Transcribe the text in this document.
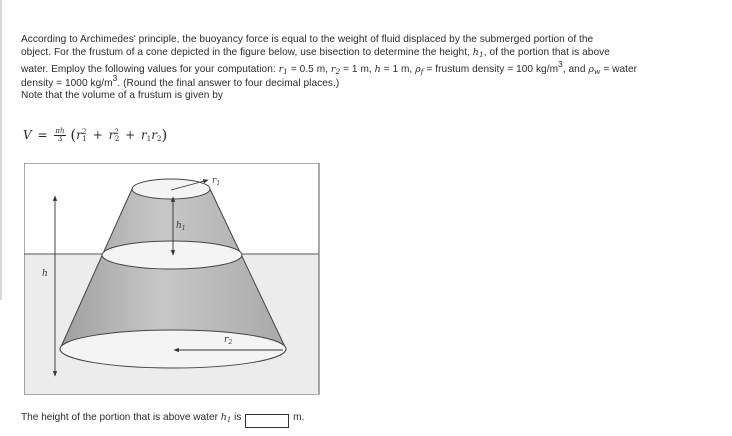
According to Archimedes' principle, the buoyancy force is equal to the weight of fluid displaced by the submerged portion of the
object. For the frustum of a cone depicted in the figure below, use bisection to determine the height, $h_1$, of the portion that is above
water. Employ the following values for your computation: $r_1 = 0.5$ m, $r_2 = 1$ m, h = 1 m, $\rho_f$ = frustum density = 100 $kg/m^3$, and $\rho_w$ = water
density = 1000 $kg/m^3$. (Round the final answer to four decimal places.)
Note that the volume of a frustum is given by
$V = \frac{\pi h}{3} (r^2_1 + r^2_2 + r_1r_2)$
$r_1$
$h_1$
h
$r_2$
The height of the portion that is above water $h_1$ is	m.
